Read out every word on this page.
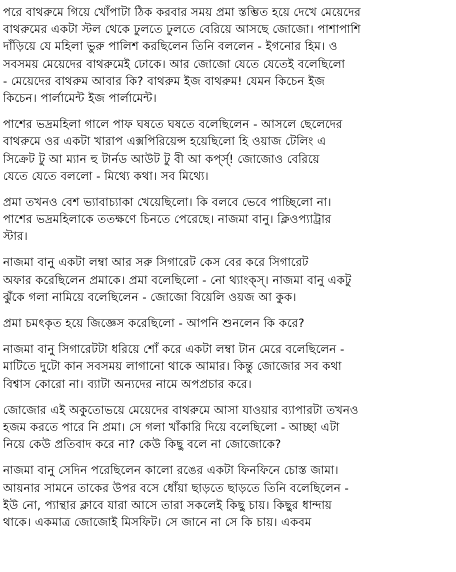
পরে বাথরুমে গিয়ে খোঁপাটা ঠিক করবার সময় প্রমা স্তম্ভিত হয়ে দেখে মেয়েদের
বাথরুমের একটা স্টল থেকে ঢুলতে ঢুলতে বেরিয়ে আসছে জোজো। পাশাপাশি
দাঁড়িয়ে যে মহিলা ভুরু পালিশ করছিলেন তিনি বললেন - ইগনোর হিম। ও
সবসময় মেয়েদের বাথরুমেই ঢোকে। আর জোজো যেতে যেতেই বলেছিলো
- মেয়েদের বাথরুম আবার কি? বাথরুম ইজ বাথরুম! যেমন কিচেন ইজ
কিচেন। পার্লামেন্ট ইজ পার্লামেন্ট।
পাশের ভদ্রমহিলা গালে পাফ ঘষতে ঘষতে বলেছিলেন - আসলে ছেলেদের
বাথরুমে ওর একটা খারাপ এক্সপিরিয়েন্স হয়েছিলো হি ওয়াজ টেলিং এ
সিক্রেট টু আ ম্যান হু টার্নড আউট টু বী আ কর্প্স্‌! জোজোও বেরিয়ে
যেতে যেতে বললো - মিথ্যে কথা। সব মিথ্যে।
প্রমা তখনও বেশ ভ্যাবাচ্যাকা খেয়েছিলো। কি বলবে ভেবে পাচ্ছিলো না।
পাশের ভদ্রমহিলাকে ততক্ষণে চিনতে পেরেছে। নাজমা বানু। ক্লিওপ্যাট্রার
স্টার।
নাজমা বানু একটা লম্বা আর সরু সিগারেট কেস বের করে সিগারেট
অফার করেছিলেন প্রমাকে। প্রমা বলেছিলো - নো থ্যাংক্স্‌। নাজমা বানু একটু
ঝুঁকে গলা নামিয়ে বলেছিলেন - জোজো বিয়েলি ওয়জ আ কুক।
প্রমা চমৎকৃত হয়ে জিজ্ঞেস করেছিলো - আপনি শুনলেন কি করে?
নাজমা বানু সিগারেটটা ধরিয়ে শোঁ করে একটা লম্বা টান মেরে বলেছিলেন -
মাটিতে দুটো কান সবসময় লাগানো থাকে আমার। কিন্তু জোজোর সব কথা
বিশ্বাস কোরো না। ব্যাটা অন্যদের নামে অপপ্রচার করে।
জোজোর এই অকুতোভয়ে মেয়েদের বাথরুমে আসা যাওয়ার ব্যাপারটা তখনও
হজম করতে পারে নি প্রমা। সে গলা খাঁকারি দিয়ে বলেছিলো - আচ্ছা এটা
নিয়ে কেউ প্রতিবাদ করে না? কেউ কিছু বলে না জোজোকে?
নাজমা বানু সেদিন পরেছিলেন কালো রঙের একটা ফিনফিনে চোস্ত জামা।
আয়নার সামনে তাকের উপর বসে ধোঁয়া ছাড়তে ছাড়তে তিনি বলেছিলেন -
ইউ নো, প্যান্থার ক্লাবে যারা আসে তারা সকলেই কিছু চায়। কিছুর ধান্দায়
থাকে। একমাত্র জোজোই মিসফিট। সে জানে না সে কি চায়। একবম
